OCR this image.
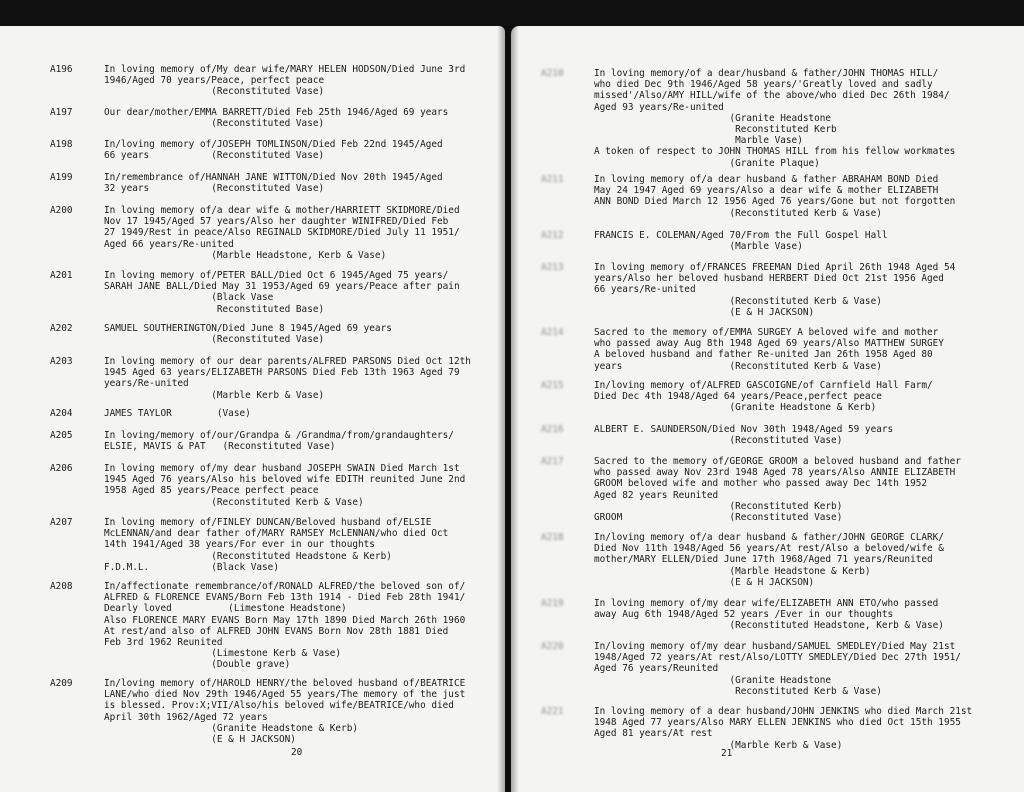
A196	In loving memory of/My dear wife/MARY HELEN HODSON/Died June 3rd
1946/Aged 70 years/Peace, perfect peace
(Reconstituted Vase)
A197	Our dear/mother/EMMA BARRETT/Died Feb 25th 1946/Aged 69 years
(Reconstituted Vase)
A198	In/loving memory of/JOSEPH TOMLINSON/Died Feb 22nd 1945/Aged
66 years           (Reconstituted Vase)
A199	In/remembrance of/HANNAH JANE WITTON/Died Nov 20th 1945/Aged
32 years           (Reconstituted Vase)
A200	In loving memory of/a dear wife & mother/HARRIETT SKIDMORE/Died
Nov 17 1945/Aged 57 years/Also her daughter WINIFRED/Died Feb
27 1949/Rest in peace/Also REGINALD SKIDMORE/Died July 11 1951/
Aged 66 years/Re-united
(Marble Headstone, Kerb & Vase)
A201	In loving memory of/PETER BALL/Died Oct 6 1945/Aged 75 years/
SARAH JANE BALL/Died May 31 1953/Aged 69 years/Peace after pain
(Black Vase
Reconstituted Base)
A202	SAMUEL SOUTHERINGTON/Died June 8 1945/Aged 69 years
(Reconstituted Vase)
A203	In loving memory of our dear parents/ALFRED PARSONS Died Oct 12th
1945 Aged 63 years/ELIZABETH PARSONS Died Feb 13th 1963 Aged 79
years/Re-united
(Marble Kerb & Vase)
A204	JAMES TAYLOR        (Vase)
A205	In loving/memory of/our/Grandpa & /Grandma/from/grandaughters/
ELSIE, MAVIS & PAT   (Reconstituted Vase)
A206	In loving memory of/my dear husband JOSEPH SWAIN Died March 1st
1945 Aged 76 years/Also his beloved wife EDITH reunited June 2nd
1958 Aged 85 years/Peace perfect peace
(Reconstituted Kerb & Vase)
A207	In loving memory of/FINLEY DUNCAN/Beloved husband of/ELSIE
McLENNAN/and dear father of/MARY RAMSEY McLENNAN/who died Oct
14th 1941/Aged 38 years/For ever in our thoughts
(Reconstituted Headstone & Kerb)
F.D.M.L.           (Black Vase)
A208	In/affectionate remembrance/of/RONALD ALFRED/the beloved son of/
ALFRED & FLORENCE EVANS/Born Feb 13th 1914 - Died Feb 28th 1941/
Dearly loved          (Limestone Headstone)
Also FLORENCE MARY EVANS Born May 17th 1890 Died March 26th 1960
At rest/and also of ALFRED JOHN EVANS Born Nov 28th 1881 Died
Feb 3rd 1962 Reunited
(Limestone Kerb & Vase)
(Double grave)
A209	In/loving memory of/HAROLD HENRY/the beloved husband of/BEATRICE
LANE/who died Nov 29th 1946/Aged 55 years/The memory of the just
is blessed. Prov:X;VII/Also/his beloved wife/BEATRICE/who died
April 30th 1962/Aged 72 years
(Granite Headstone & Kerb)
(E & H JACKSON)
20
A210	In loving memory/of a dear/husband & father/JOHN THOMAS HILL/
who died Dec 9th 1946/Aged 58 years/'Greatly loved and sadly
missed'/Also/AMY HILL/wife of the above/who died Dec 26th 1984/
Aged 93 years/Re-united
(Granite Headstone
Reconstituted Kerb
Marble Vase)
A token of respect to JOHN THOMAS HILL from his fellow workmates
(Granite Plaque)
A211	In loving memory of/a dear husband & father ABRAHAM BOND Died
May 24 1947 Aged 69 years/Also a dear wife & mother ELIZABETH
ANN BOND Died March 12 1956 Aged 76 years/Gone but not forgotten
(Reconstituted Kerb & Vase)
A212	FRANCIS E. COLEMAN/Aged 70/From the Full Gospel Hall
(Marble Vase)
A213	In loving memory of/FRANCES FREEMAN Died April 26th 1948 Aged 54
years/Also her beloved husband HERBERT Died Oct 21st 1956 Aged
66 years/Re-united
(Reconstituted Kerb & Vase)
(E & H JACKSON)
A214	Sacred to the memory of/EMMA SURGEY A beloved wife and mother
who passed away Aug 8th 1948 Aged 69 years/Also MATTHEW SURGEY
A beloved husband and father Re-united Jan 26th 1958 Aged 80
years                   (Reconstituted Kerb & Vase)
A215	In/loving memory of/ALFRED GASCOIGNE/of Carnfield Hall Farm/
Died Dec 4th 1948/Aged 64 years/Peace,perfect peace
(Granite Headstone & Kerb)
A216	ALBERT E. SAUNDERSON/Died Nov 30th 1948/Aged 59 years
(Reconstituted Vase)
A217	Sacred to the memory of/GEORGE GROOM a beloved husband and father
who passed away Nov 23rd 1948 Aged 78 years/Also ANNIE ELIZABETH
GROOM beloved wife and mother who passed away Dec 14th 1952
Aged 82 years Reunited
(Reconstituted Kerb)
GROOM                   (Reconstituted Vase)
A218	In/loving memory of/a dear husband & father/JOHN GEORGE CLARK/
Died Nov 11th 1948/Aged 56 years/At rest/Also a beloved/wife &
mother/MARY ELLEN/Died June 17th 1968/Aged 71 years/Reunited
(Marble Headstone & Kerb)
(E & H JACKSON)
A219	In loving memory of/my dear wife/ELIZABETH ANN ETO/who passed
away Aug 6th 1948/Aged 52 years /Ever in our thoughts
(Reconstituted Headstone, Kerb & Vase)
A220	In/loving memory of/my dear husband/SAMUEL SMEDLEY/Died May 21st
1948/Aged 72 years/At rest/Also/LOTTY SMEDLEY/Died Dec 27th 1951/
Aged 76 years/Reunited
(Granite Headstone
Reconstituted Kerb & Vase)
A221	In loving memory of a dear husband/JOHN JENKINS who died March 21st
1948 Aged 77 years/Also MARY ELLEN JENKINS who died Oct 15th 1955
Aged 81 years/At rest
(Marble Kerb & Vase)
21
